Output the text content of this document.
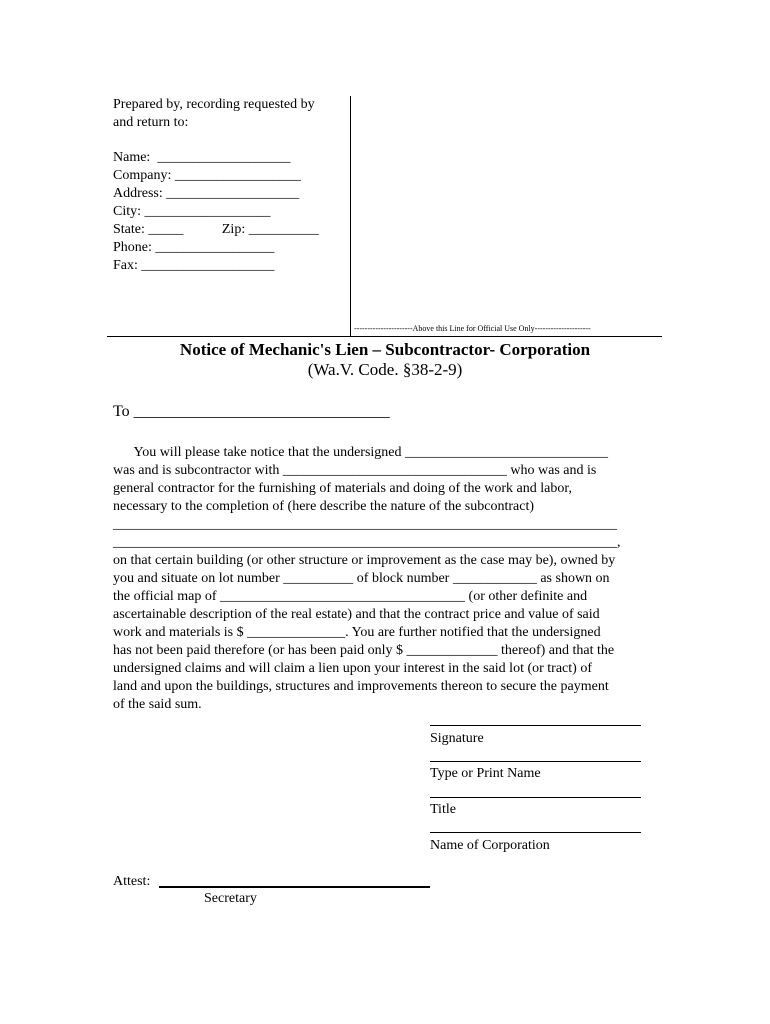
Prepared by, recording requested by
and return to:
Name:  ___________________
Company: __________________
Address: ___________________
City: __________________
State: _____           Zip: __________
Phone: _________________
Fax: ___________________
----------------------Above this Line for Official Use Only---------------------
Notice of Mechanic's Lien – Subcontractor- Corporation
(Wa.V. Code. §38-2-9)
To ________________________________
You will please take notice that the undersigned _____________________________
was and is subcontractor with ________________________________ who was and is
general contractor for the furnishing of materials and doing of the work and labor,
necessary to the completion of (here describe the nature of the subcontract)
________________________________________________________________________
________________________________________________________________________,
on that certain building (or other structure or improvement as the case may be), owned by
you and situate on lot number __________ of block number ____________ as shown on
the official map of ___________________________________ (or other definite and
ascertainable description of the real estate) and that the contract price and value of said
work and materials is $ ______________. You are further notified that the undersigned
has not been paid therefore (or has been paid only $ _____________ thereof) and that the
undersigned claims and will claim a lien upon your interest in the said lot (or tract) of
land and upon the buildings, structures and improvements thereon to secure the payment
of the said sum.
Signature
Type or Print Name
Title
Name of Corporation
Attest:
Secretary
